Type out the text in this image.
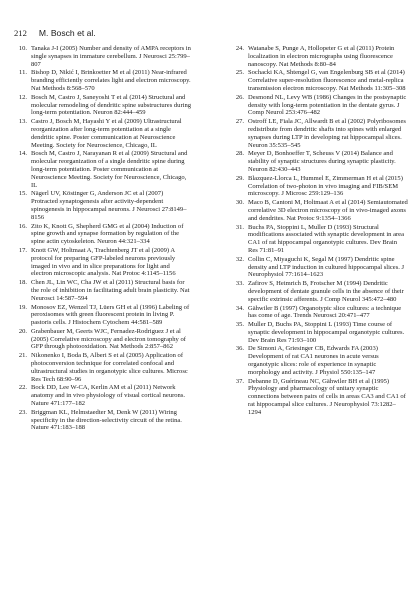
212 M. Bosch et al.
10. Tanaka J-I (2005) Number and density of AMPA receptors in single synapses in immature cerebellum. J Neurosci 25:799–807
11. Bishop D, Nikić I, Brinkoetter M et al (2011) Near-infrared branding efficiently correlates light and electron microscopy. Nat Methods 8:568–570
12. Bosch M, Castro J, Saneyoshi T et al (2014) Structural and molecular remodeling of dendritic spine substructures during long-term potentiation. Neuron 82:444–459
13. Castro J, Bosch M, Hayashi Y et al (2009) Ultrastructural reorganization after long-term potentiation at a single dendritic spine. Poster communication at Neuroscience Meeting. Society for Neuroscience, Chicago, IL
14. Bosch M, Castro J, Narayanan R et al (2009) Structural and molecular reorganization of a single dendritic spine during long-term potentiation. Poster communication at Neuroscience Meeting. Society for Neuroscience, Chicago, IL
15. Nägerl UV, Köstinger G, Anderson JC et al (2007) Protracted synaptogenesis after activity-dependent spinogenesis in hippocampal neurons. J Neurosci 27:8149–8156
16. Zito K, Knott G, Shepherd GMG et al (2004) Induction of spine growth and synapse formation by regulation of the spine actin cytoskeleton. Neuron 44:321–334
17. Knott GW, Holtmaat A, Trachtenberg JT et al (2009) A protocol for preparing GFP-labeled neurons previously imaged in vivo and in slice preparations for light and electron microscopic analysis. Nat Protoc 4:1145–1156
18. Chen JL, Lin WC, Cha JW et al (2011) Structural basis for the role of inhibition in facilitating adult brain plasticity. Nat Neurosci 14:587–594
19. Monosov EZ, Wenzel TJ, Lüers GH et al (1996) Labeling of peroxisomes with green fluorescent protein in living P. pastoris cells. J Histochem Cytochem 44:581–589
20. Grabenbauer M, Geerts WJC, Fernadez-Rodriguez J et al (2005) Correlative microscopy and electron tomography of GFP through photooxidation. Nat Methods 2:857–862
21. Nikonenko I, Boda B, Alberi S et al (2005) Application of photoconversion technique for correlated confocal and ultrastructural studies in organotypic slice cultures. Microsc Res Tech 68:90–96
22. Bock DD, Lee W-CA, Kerlin AM et al (2011) Network anatomy and in vivo physiology of visual cortical neurons. Nature 471:177–182
23. Briggman KL, Helmstaedter M, Denk W (2011) Wiring specificity in the direction-selectivity circuit of the retina. Nature 471:183–188
24. Watanabe S, Punge A, Hollopeter G et al (2011) Protein localization in electron micrographs using fluorescence nanoscopy. Nat Methods 8:80–84
25. Sochacki KA, Shtengel G, van Engelenburg SB et al (2014) Correlative super-resolution fluorescence and metal-replica transmission electron microscopy. Nat Methods 11:305–308
26. Desmond NL, Levy WB (1986) Changes in the postsynaptic density with long-term potentiation in the dentate gyrus. J Comp Neurol 253:476–482
27. Ostroff LE, Fiala JC, Allwardt B et al (2002) Polyribosomes redistribute from dendritic shafts into spines with enlarged synapses during LTP in developing rat hippocampal slices. Neuron 35:535–545
28. Meyer D, Bonhoeffer T, Scheuss V (2014) Balance and stability of synaptic structures during synaptic plasticity. Neuron 82:430–443
29. Blazquez-Llorca L, Hummel E, Zimmerman H et al (2015) Correlation of two-photon in vivo imaging and FIB/SEM microscopy. J Microsc 259:129–136
30. Maco B, Cantoni M, Holtmaat A et al (2014) Semiautomated correlative 3D electron microscopy of in vivo-imaged axons and dendrites. Nat Protoc 9:1354–1366
31. Buchs PA, Stoppini L, Muller D (1993) Structural modifications associated with synaptic development in area CA1 of rat hippocampal organotypic cultures. Dev Brain Res 71:81–91
32. Collin C, Miyaguchi K, Segal M (1997) Dendritic spine density and LTP induction in cultured hippocampal slices. J Neurophysiol 77:1614–1623
33. Zafirov S, Heimrich B, Frotscher M (1994) Dendritic development of dentate granule cells in the absence of their specific extrinsic afferents. J Comp Neurol 345:472–480
34. Gähwiler B (1997) Organotypic slice cultures: a technique has come of age. Trends Neurosci 20:471–477
35. Muller D, Buchs PA, Stoppini L (1993) Time course of synaptic development in hippocampal organotypic cultures. Dev Brain Res 71:93–100
36. De Simoni A, Griesinger CB, Edwards FA (2003) Development of rat CA1 neurones in acute versus organotypic slices: role of experience in synaptic morphology and activity. J Physiol 550:135–147
37. Debanne D, Guérineau NC, Gähwiler BH et al (1995) Physiology and pharmacology of unitary synaptic connections between pairs of cells in areas CA3 and CA1 of rat hippocampal slice cultures. J Neurophysiol 73:1282–1294
